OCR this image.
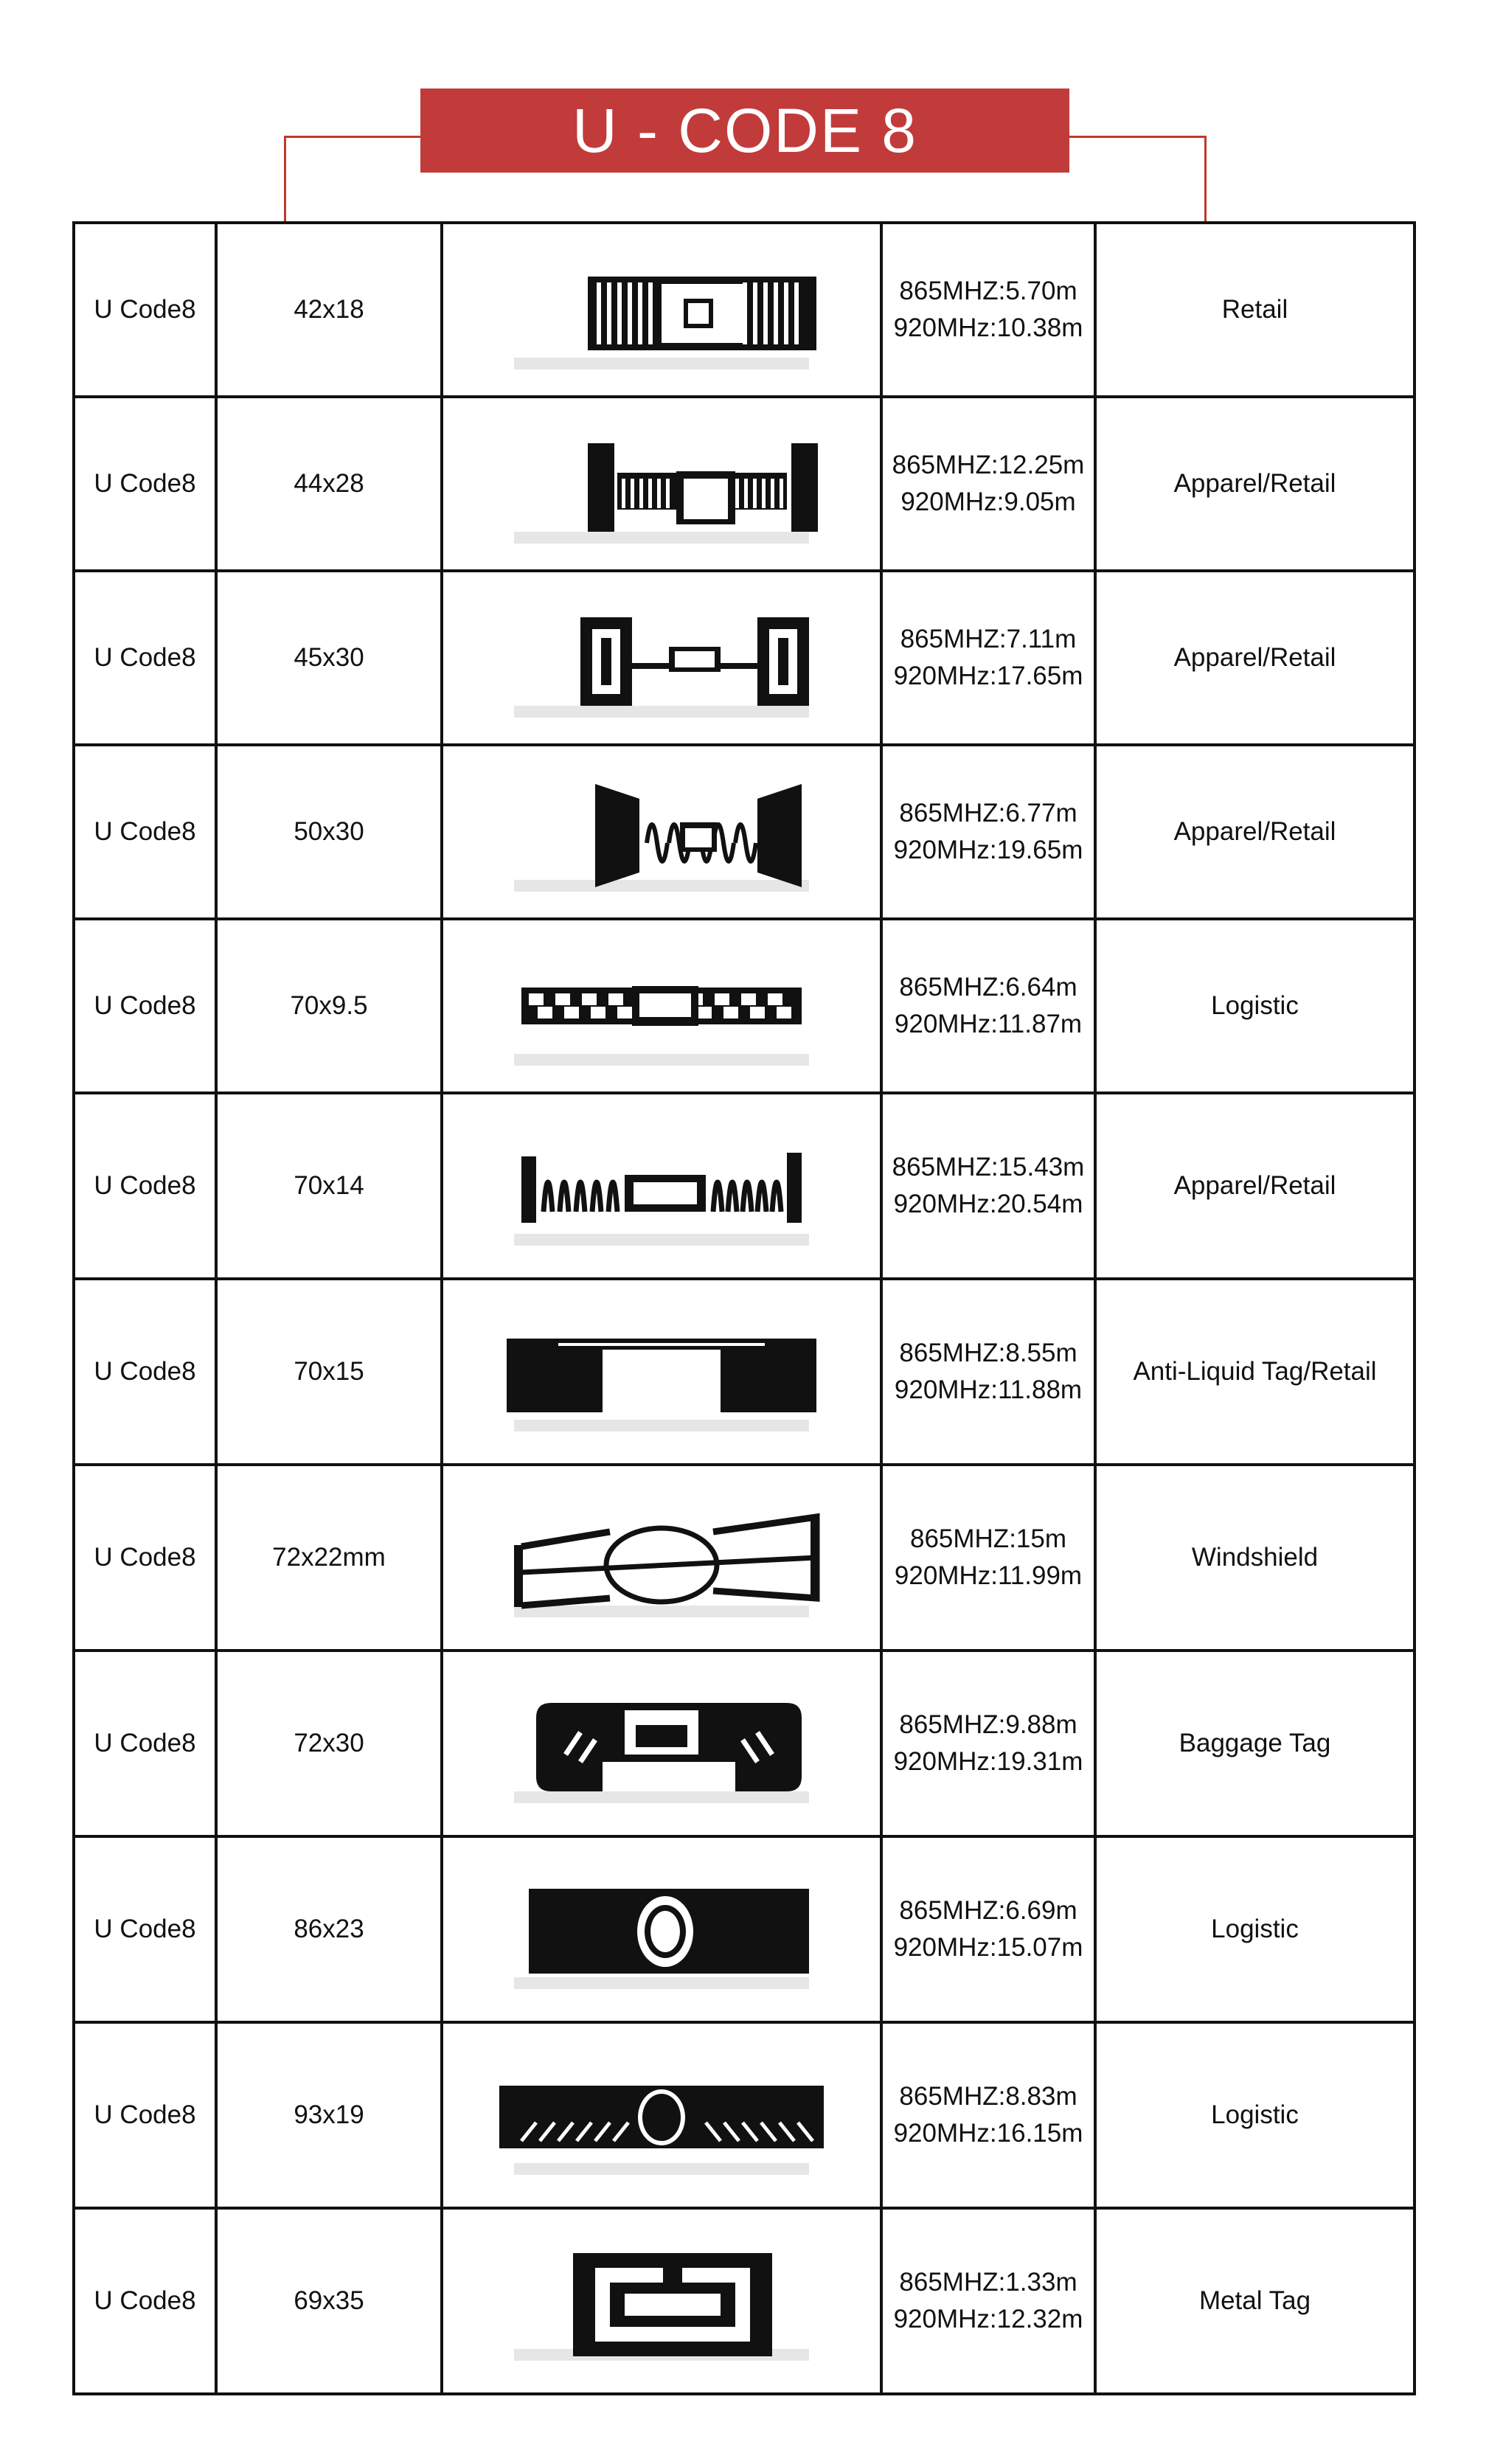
U - CODE 8
U Code8	42x18		865MHZ:5.70m
920MHz:10.38m	Retail
U Code8	44x28		865MHZ:12.25m
920MHz:9.05m	Apparel/Retail
U Code8	45x30		865MHZ:7.11m
920MHz:17.65m	Apparel/Retail
U Code8	50x30		865MHZ:6.77m
920MHz:19.65m	Apparel/Retail
U Code8	70x9.5		865MHZ:6.64m
920MHz:11.87m	Logistic
U Code8	70x14		865MHZ:15.43m
920MHz:20.54m	Apparel/Retail
U Code8	70x15		865MHZ:8.55m
920MHz:11.88m	Anti-Liquid Tag/Retail
U Code8	72x22mm		865MHZ:15m
920MHz:11.99m	Windshield
U Code8	72x30		865MHZ:9.88m
920MHz:19.31m	Baggage Tag
U Code8	86x23		865MHZ:6.69m
920MHz:15.07m	Logistic
U Code8	93x19		865MHZ:8.83m
920MHz:16.15m	Logistic
U Code8	69x35		865MHZ:1.33m
920MHz:12.32m	Metal Tag
